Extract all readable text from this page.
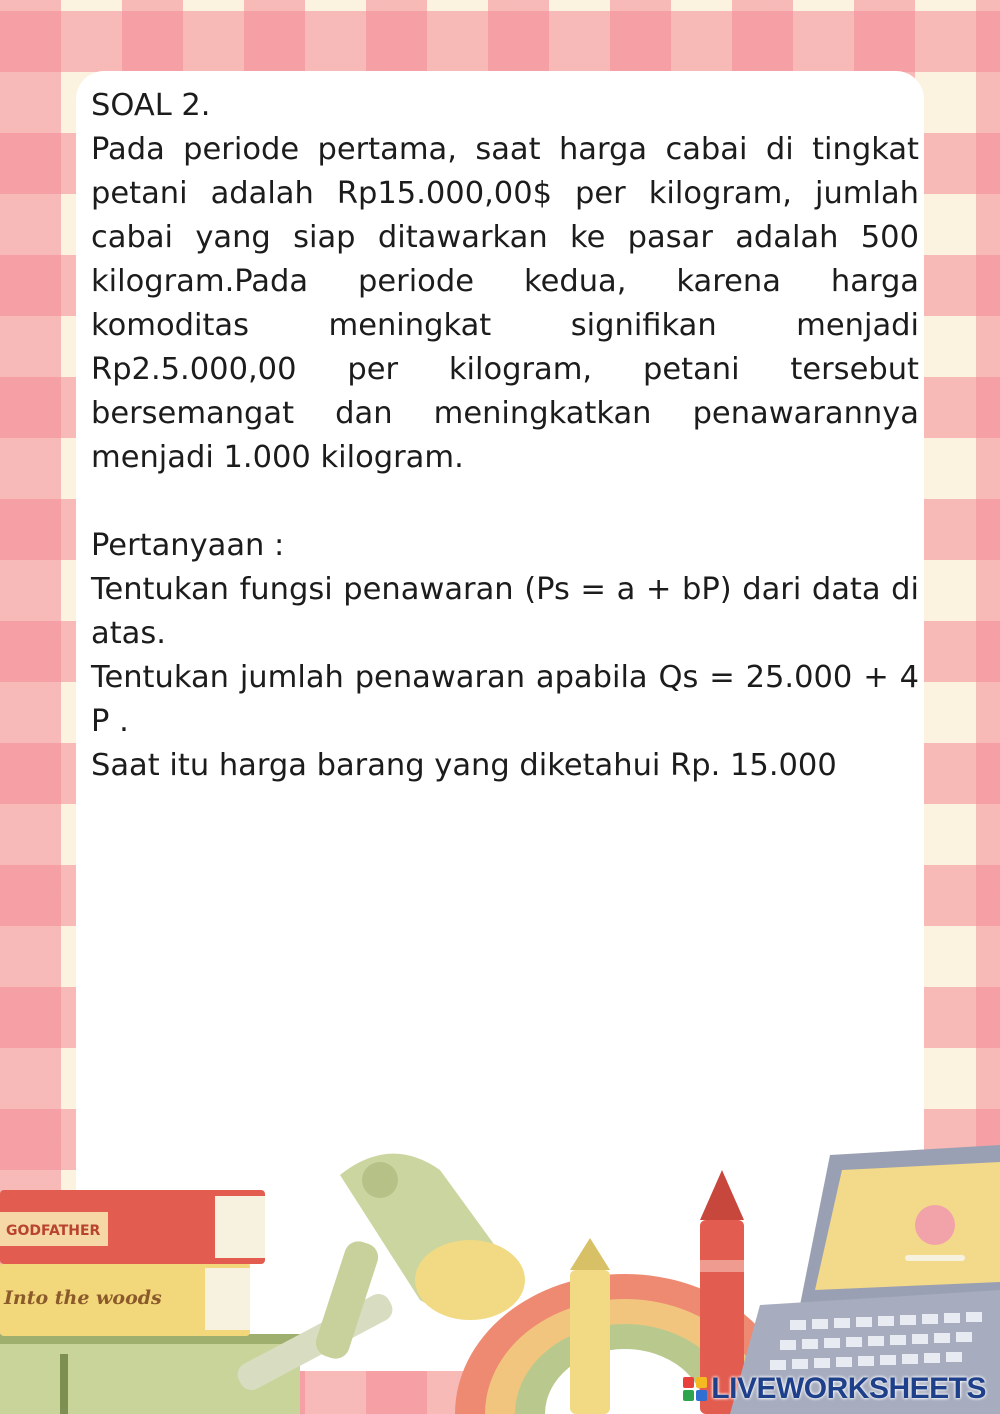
SOAL 2.

Pada periode pertama, saat harga cabai di tingkat petani adalah Rp15.000,00$ per kilogram, jumlah cabai yang siap ditawarkan ke pasar adalah 500 kilogram.Pada periode kedua, karena harga komoditas meningkat signifikan menjadi Rp2.5.000,00 per kilogram, petani tersebut bersemangat dan meningkatkan penawarannya menjadi 1.000 kilogram.

Pertanyaan :

Tentukan fungsi penawaran (Ps = a + bP) dari data di atas.

Tentukan jumlah penawaran apabila Qs = 25.000 + 4 P .

Saat itu harga barang yang diketahui Rp. 15.000

Into the woods
GODFATHER
LIVEWORKSHEETS
